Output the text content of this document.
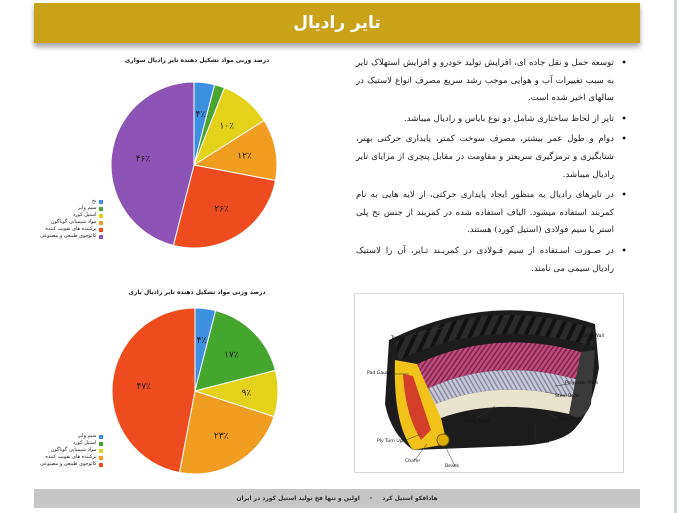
تایر رادیال
درصد وزنی مواد تشکیل دهنده تایر رادیال سواری
۴٪
۱۰٪
۱۲٪
۲۶٪
۴۶٪
نخ
سیم وایر
استیل کورد
مواد شیمیایی گوناگون
پرکننده های تقویت کننده
کائوچوی طبیعی و مصنوعی
درصد وزنی مواد تشکیل دهنده تایر رادیال باری
۴٪
۱۷٪
۹٪
۲۳٪
۴۷٪
سیم وایر
استیل کورد
مواد شیمیایی گوناگون
پرکننده های تقویت کننده
کائوچوی طبیعی و مصنوعی
• توسعه حمل و نقل جاده ای، افزایش تولید خودرو و افزایش استهلاک تایر به سبب تغییرات آب و هوایی موجب رشد سریع مصرف انواع لاستیک در سالهای اخیر شده است.
• تایر از لحاظ ساختاری شامل دو نوع بایاس و رادیال میباشد.
• دوام و طول عمر بیشتر، مصرف سوخت کمتر، پایداری حرکتی بهتر، شتابگیری و ترمزگیری سریعتر و مقاومت در مقابل پنچری از مزایای تایر رادیال میباشد.
• در تایرهای رادیال به منظور ایجاد پایداری حرکتی، از لایه هایی به نام کمربند استفاده میشود. الیاف استفاده شده در کمربند از جنس نخ پلی استر یا سیم فولادی (استیل کورد) هستند.
• در صـورت اسـتفاده از سیم فـولادی در کمربـند تـایر، آن را لاستیک رادیال سیمی می نامند.
Tread	Side Wall
Pad Gauge
Polyester Plies
Steel Belts
Inner Liner	Body Plies
Ply Turn Up	Filler
Chafer
Beads
هادافکو استیل کرد
-
اولین و تنها فخ تولید استیل کورد در ایران
